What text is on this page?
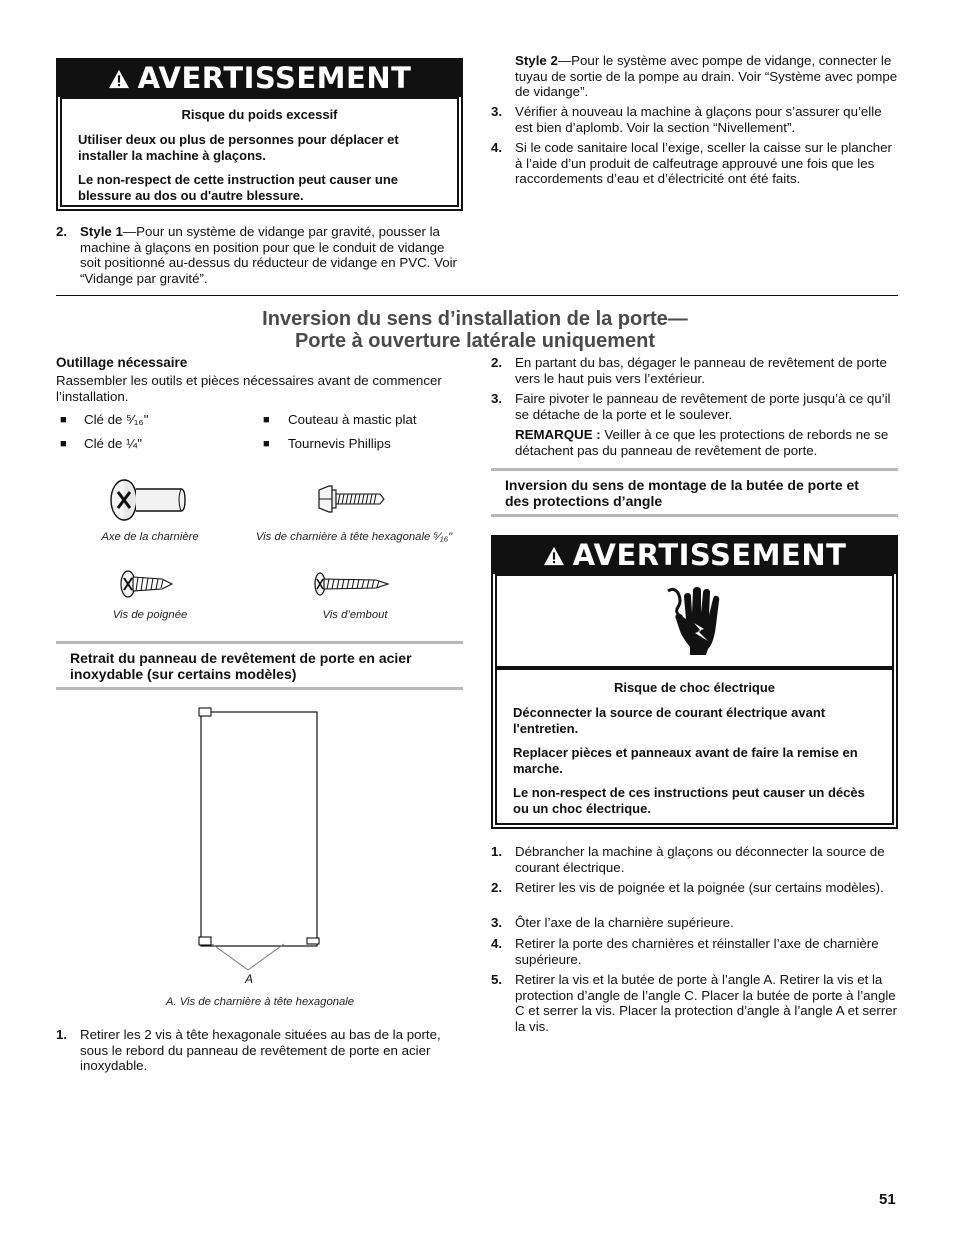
AVERTISSEMENT
Risque du poids excessif

Utiliser deux ou plus de personnes pour déplacer et installer la machine à glaçons.

Le non-respect de cette instruction peut causer une blessure au dos ou d'autre blessure.

2. Style 1—Pour un système de vidange par gravité, pousser la machine à glaçons en position pour que le conduit de vidange soit positionné au-dessus du réducteur de vidange en PVC. Voir “Vidange par gravité”.
Style 2—Pour le système avec pompe de vidange, connecter le tuyau de sortie de la pompe au drain. Voir “Système avec pompe de vidange”.
3. Vérifier à nouveau la machine à glaçons pour s’assurer qu’elle est bien d’aplomb. Voir la section “Nivellement”.
4. Si le code sanitaire local l’exige, sceller la caisse sur le plancher à l’aide d’un produit de calfeutrage approuvé une fois que les raccordements d’eau et d’électricité ont été faits.
Inversion du sens d’installation de la porte—
Porte à ouverture latérale uniquement
Outillage nécessaire
Rassembler les outils et pièces nécessaires avant de commencer l’installation.
■ Clé de ⁵⁄₁₆"	■ Couteau à mastic plat
■ Clé de ¼"	■ Tournevis Phillips
Axe de la charnière	Vis de charnière à tête hexagonale ⁵⁄₁₆"
Vis de poignée	Vis d’embout
Retrait du panneau de revêtement de porte en acier inoxydable (sur certains modèles)
A
A. Vis de charnière à tête hexagonale
1. Retirer les 2 vis à tête hexagonale situées au bas de la porte, sous le rebord du panneau de revêtement de porte en acier inoxydable.
2. En partant du bas, dégager le panneau de revêtement de porte vers le haut puis vers l’extérieur.
3. Faire pivoter le panneau de revêtement de porte jusqu’à ce qu’il se détache de la porte et le soulever.
REMARQUE : Veiller à ce que les protections de rebords ne se détachent pas du panneau de revêtement de porte.
Inversion du sens de montage de la butée de porte et des protections d’angle
AVERTISSEMENT
Risque de choc électrique

Déconnecter la source de courant électrique avant l'entretien.

Replacer pièces et panneaux avant de faire la remise en marche.

Le non-respect de ces instructions peut causer un décès ou un choc électrique.

1. Débrancher la machine à glaçons ou déconnecter la source de courant électrique.
2. Retirer les vis de poignée et la poignée (sur certains modèles).
3. Ôter l’axe de la charnière supérieure.
4. Retirer la porte des charnières et réinstaller l’axe de charnière supérieure.
5. Retirer la vis et la butée de porte à l’angle A. Retirer la vis et la protection d’angle de l’angle C. Placer la butée de porte à l’angle C et serrer la vis. Placer la protection d’angle à l’angle A et serrer la vis.
51
